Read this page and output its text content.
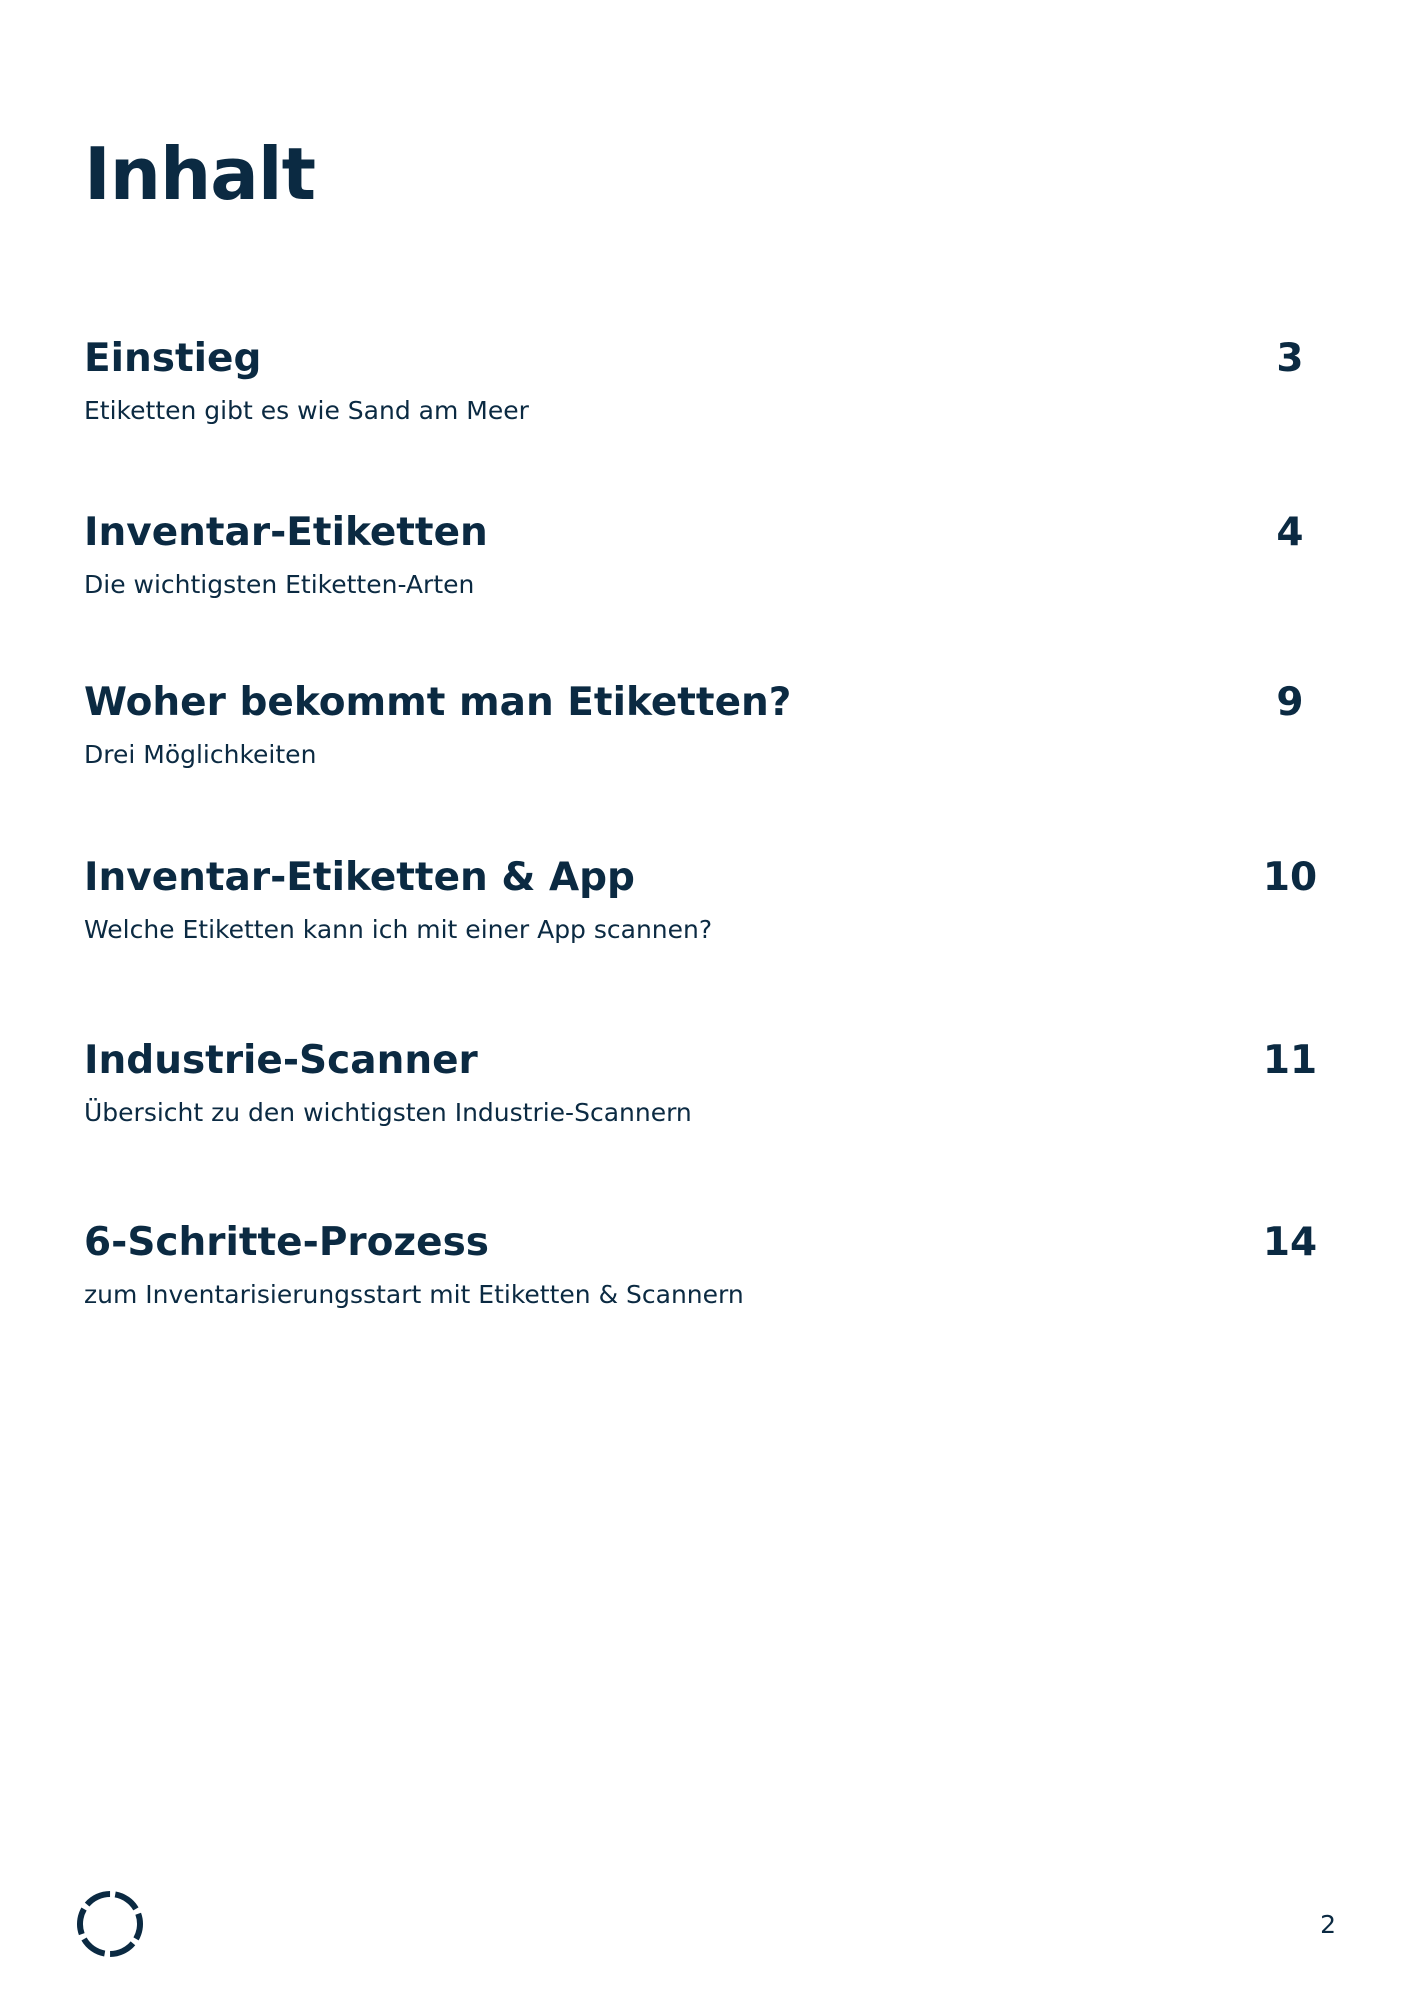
Inhalt
Einstieg

Etiketten gibt es wie Sand am Meer

3
Inventar-Etiketten

Die wichtigsten Etiketten-Arten

4
Woher bekommt man Etiketten?

Drei Möglichkeiten

9
Inventar-Etiketten & App

Welche Etiketten kann ich mit einer App scannen?

10
Industrie-Scanner

Übersicht zu den wichtigsten Industrie-Scannern

11
6-Schritte-Prozess

zum Inventarisierungsstart mit Etiketten & Scannern

14
2
